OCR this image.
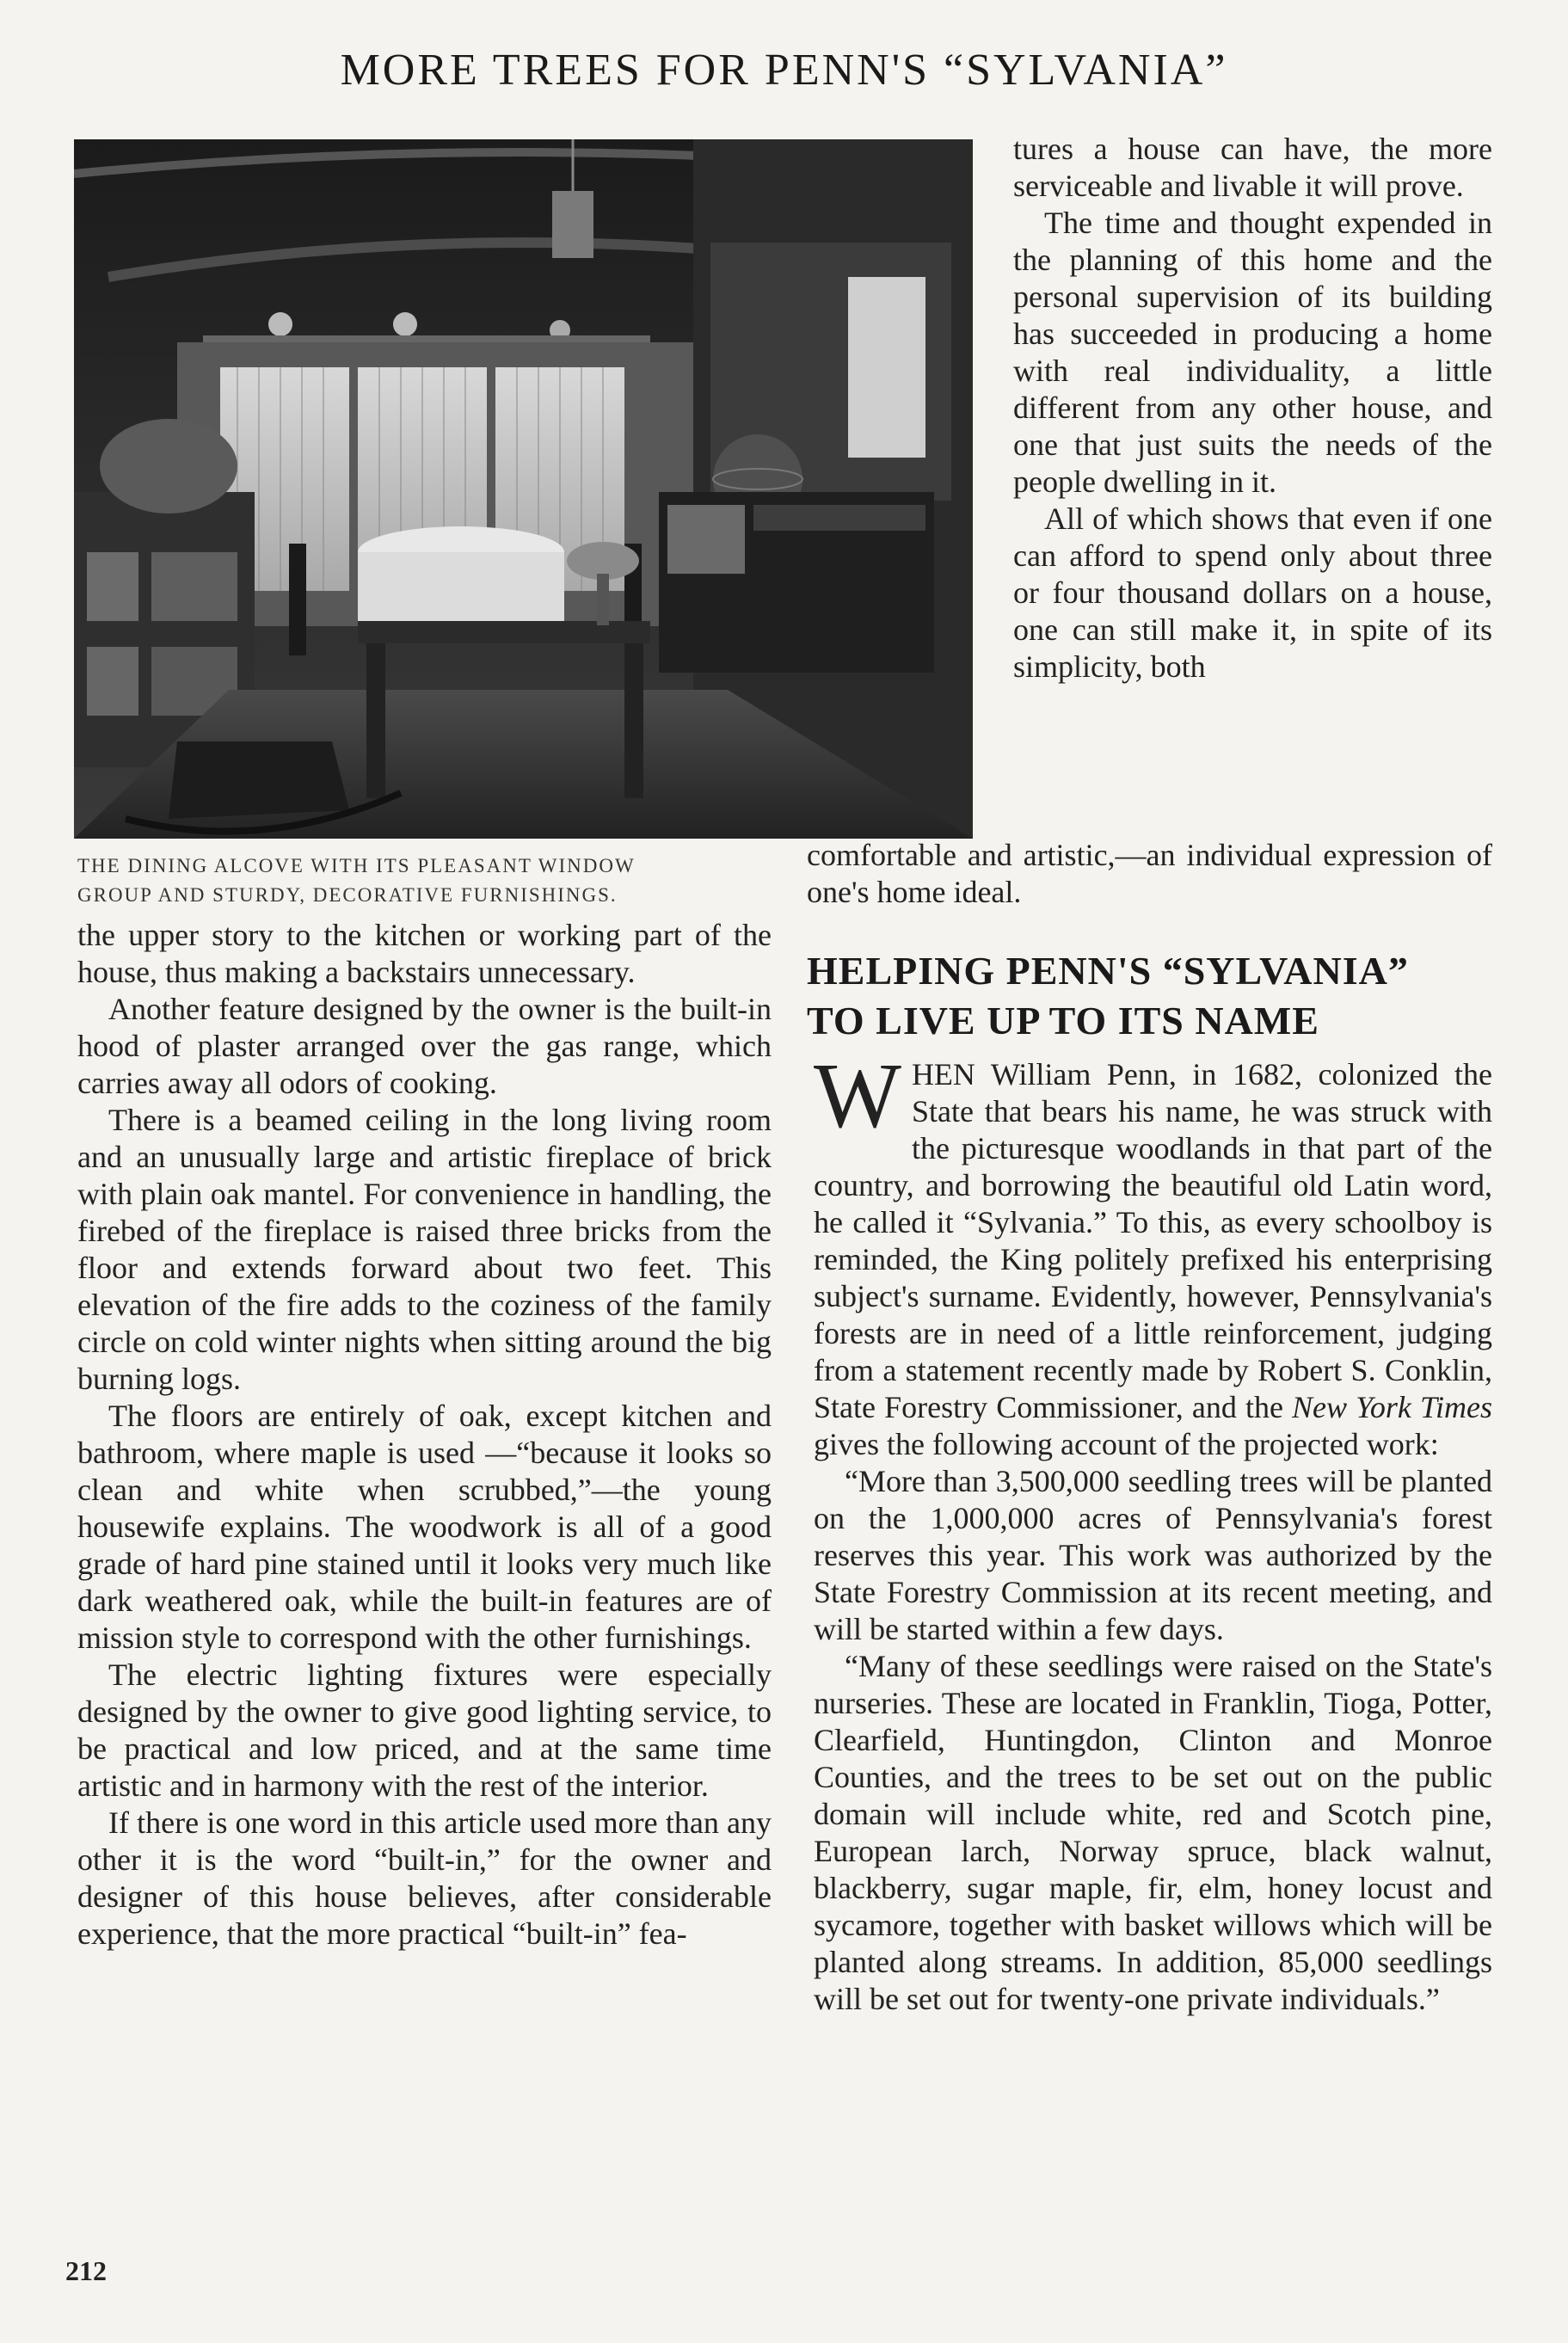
MORE TREES FOR PENN'S “SYLVANIA”
THE DINING ALCOVE WITH ITS PLEASANT WINDOW
GROUP AND STURDY, DECORATIVE FURNISHINGS.

tures a house can have, the more serviceable and livable it will prove.

The time and thought expended in the planning of this home and the personal supervision of its building has succeeded in producing a home with real individuality, a little different from any other house, and one that just suits the needs of the people dwelling in it.

All of which shows that even if one can afford to spend only about three or four thousand dollars on a house, one can still make it, in spite of its simplicity, both

comfortable and artistic,—an individual expression of one's home ideal.

the upper story to the kitchen or working part of the house, thus making a backstairs unnecessary.

Another feature designed by the owner is the built-in hood of plaster arranged over the gas range, which carries away all odors of cooking.

There is a beamed ceiling in the long living room and an unusually large and artistic fireplace of brick with plain oak mantel. For convenience in handling, the firebed of the fireplace is raised three bricks from the floor and extends forward about two feet. This elevation of the fire adds to the coziness of the family circle on cold winter nights when sitting around the big burning logs.

The floors are entirely of oak, except kitchen and bathroom, where maple is used —“because it looks so clean and white when scrubbed,”—the young housewife explains. The woodwork is all of a good grade of hard pine stained until it looks very much like dark weathered oak, while the built-in features are of mission style to correspond with the other furnishings.

The electric lighting fixtures were especially designed by the owner to give good lighting service, to be practical and low priced, and at the same time artistic and in harmony with the rest of the interior.

If there is one word in this article used more than any other it is the word “built-in,” for the owner and designer of this house believes, after considerable experience, that the more practical “built-in” fea-

HELPING PENN'S “SYLVANIA”
TO LIVE UP TO ITS NAME

WHEN William Penn, in 1682, colonized the State that bears his name, he was struck with the picturesque woodlands in that part of the country, and borrowing the beautiful old Latin word, he called it “Sylvania.” To this, as every schoolboy is reminded, the King politely prefixed his enterprising subject's surname. Evidently, however, Pennsylvania's forests are in need of a little reinforcement, judging from a statement recently made by Robert S. Conklin, State Forestry Commissioner, and the New York Times gives the following account of the projected work:

“More than 3,500,000 seedling trees will be planted on the 1,000,000 acres of Pennsylvania's forest reserves this year. This work was authorized by the State Forestry Commission at its recent meeting, and will be started within a few days.

“Many of these seedlings were raised on the State's nurseries. These are located in Franklin, Tioga, Potter, Clearfield, Huntingdon, Clinton and Monroe Counties, and the trees to be set out on the public domain will include white, red and Scotch pine, European larch, Norway spruce, black walnut, blackberry, sugar maple, fir, elm, honey locust and sycamore, together with basket willows which will be planted along streams. In addition, 85,000 seedlings will be set out for twenty-one private individuals.”

212
